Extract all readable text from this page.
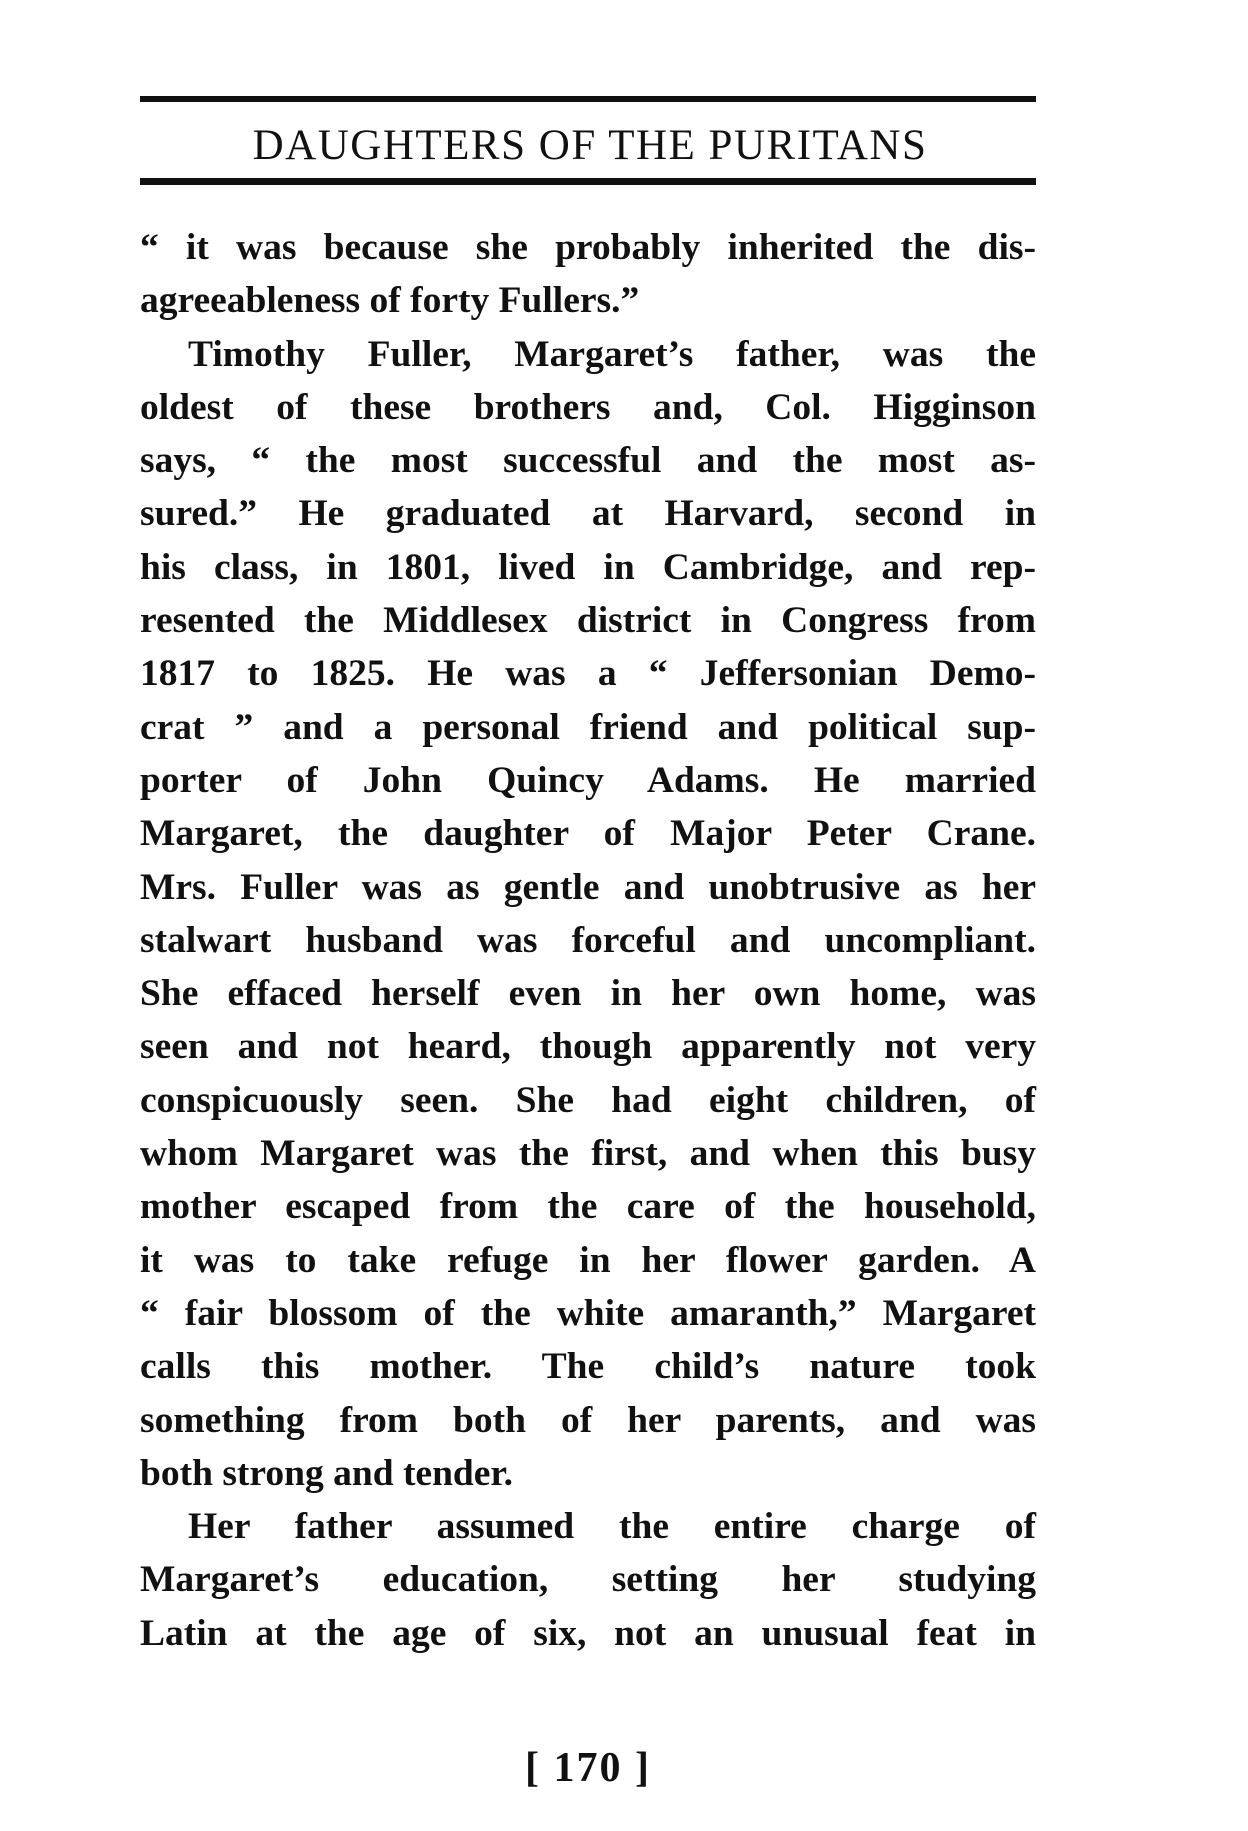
DAUGHTERS OF THE PURITANS
“ it was because she probably inherited the dis-
agreeableness of forty Fullers.”
Timothy Fuller, Margaret’s father, was the
oldest of these brothers and, Col. Higginson
says, “ the most successful and the most as-
sured.” He graduated at Harvard, second in
his class, in 1801, lived in Cambridge, and rep-
resented the Middlesex district in Congress from
1817 to 1825. He was a “ Jeffersonian Demo-
crat ” and a personal friend and political sup-
porter of John Quincy Adams. He married
Margaret, the daughter of Major Peter Crane.
Mrs. Fuller was as gentle and unobtrusive as her
stalwart husband was forceful and uncompliant.
She effaced herself even in her own home, was
seen and not heard, though apparently not very
conspicuously seen. She had eight children, of
whom Margaret was the first, and when this busy
mother escaped from the care of the household,
it was to take refuge in her flower garden. A
“ fair blossom of the white amaranth,” Margaret
calls this mother. The child’s nature took
something from both of her parents, and was
both strong and tender.
Her father assumed the entire charge of
Margaret’s education, setting her studying
Latin at the age of six, not an unusual feat in
[ 170 ]
